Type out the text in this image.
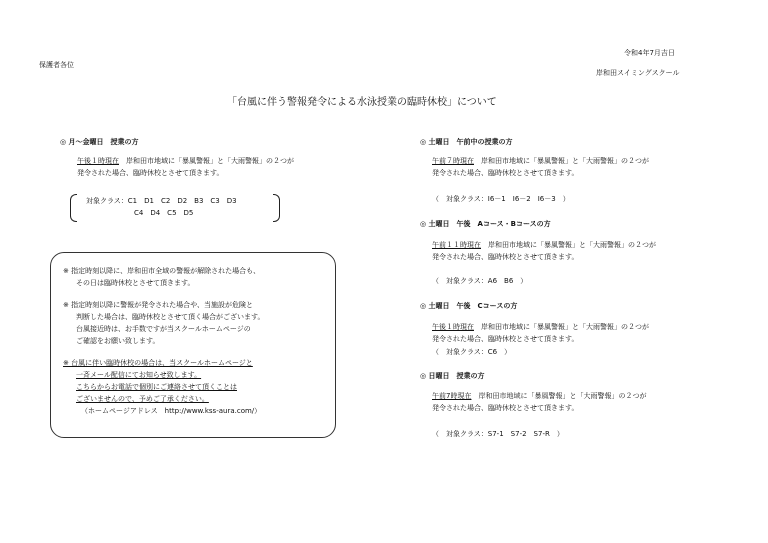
令和4年7月吉日
保護者各位
岸和田スイミングスクール
「台風に伴う警報発令による水泳授業の臨時休校」について
◎ 月～金曜日　授業の方
午後１時現在　岸和田市地域に「暴風警報」と「大雨警報」の２つが
発令された場合、臨時休校とさせて頂きます。
対象クラス：C1　D1　C2　D2　B3　C3　D3
C4　D4　C5　D5
※ 指定時刻以降に、岸和田市全域の警報が解除された場合も、
その日は臨時休校とさせて頂きます。
※ 指定時刻以降に警報が発令された場合や、当施設が危険と
判断した場合は、臨時休校とさせて頂く場合がございます。
台風接近時は、お手数ですが当スクールホームページの
ご確認をお願い致します。
※ 台風に伴い臨時休校の場合は、当スクールホームページと
一斉メール配信にてお知らせ致します。
こちらからお電話で個別にご連絡させて頂くことは
ございませんので、予めご了承ください。
（ホームページアドレス　http://www.kss-aura.com/）
◎ 土曜日　午前中の授業の方
午前７時現在　岸和田市地域に「暴風警報」と「大雨警報」の２つが
発令された場合、臨時休校とさせて頂きます。
（　対象クラス：I6－1　I6－2　I6－3　）
◎ 土曜日　午後　Aコース・Bコースの方
午前１１時現在　岸和田市地域に「暴風警報」と「大雨警報」の２つが
発令された場合、臨時休校とさせて頂きます。
（　対象クラス：A6　B6　）
◎ 土曜日　午後　Cコースの方
午後１時現在　岸和田市地域に「暴風警報」と「大雨警報」の２つが
発令された場合、臨時休校とさせて頂きます。
（　対象クラス：C6　）
◎ 日曜日　授業の方
午前7時現在　岸和田市地域に「暴風警報」と「大雨警報」の２つが
発令された場合、臨時休校とさせて頂きます。
（　対象クラス：S7-1　S7-2　S7-R　）
